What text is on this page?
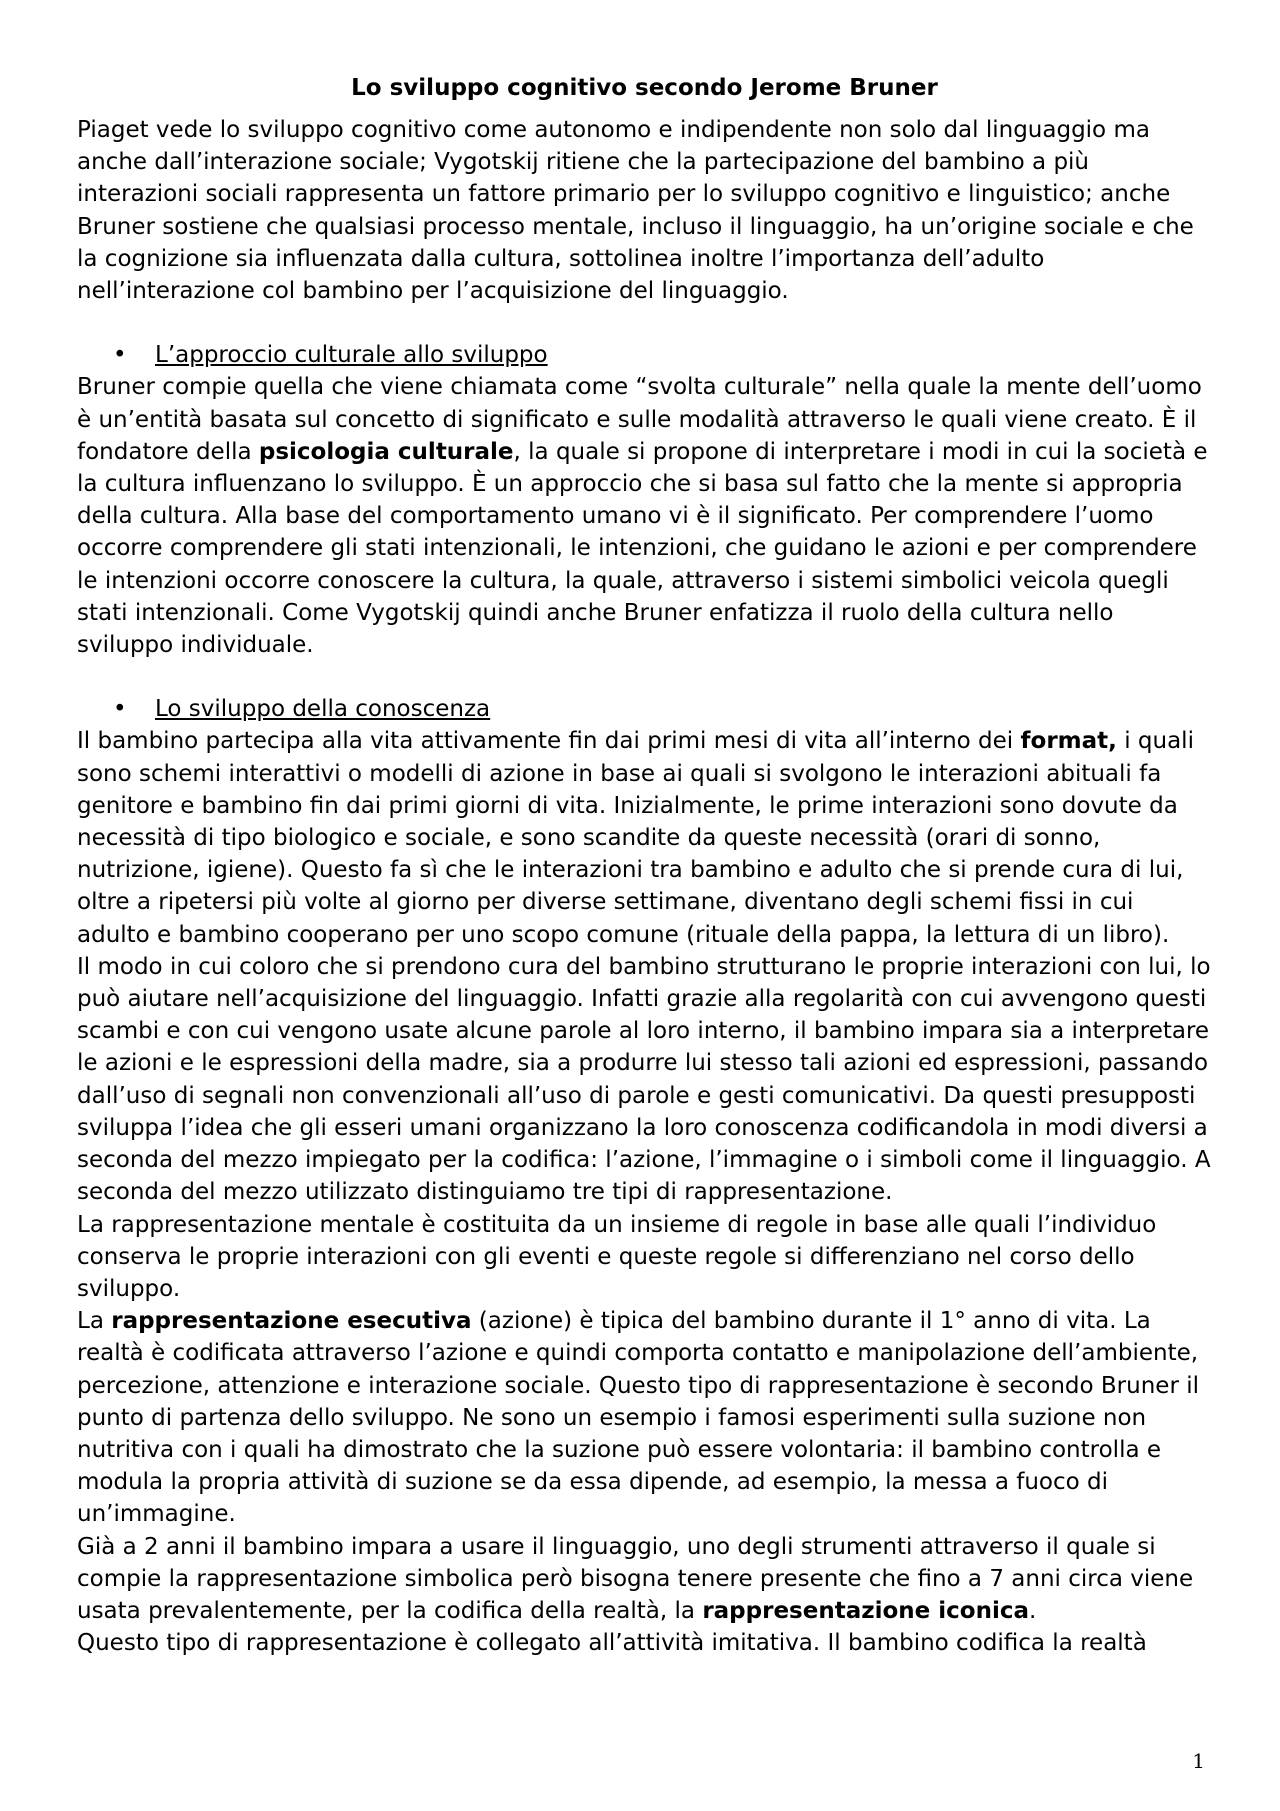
Lo sviluppo cognitivo secondo Jerome Bruner

Piaget vede lo sviluppo cognitivo come autonomo e indipendente non solo dal linguaggio ma anche dall’interazione sociale; Vygotskij ritiene che la partecipazione del bambino a più interazioni sociali rappresenta un fattore primario per lo sviluppo cognitivo e linguistico; anche Bruner sostiene che qualsiasi processo mentale, incluso il linguaggio, ha un’origine sociale e che la cognizione sia influenzata dalla cultura, sottolinea inoltre l’importanza dell’adulto nell’interazione col bambino per l’acquisizione del linguaggio.

• L’approccio culturale allo sviluppo

Bruner compie quella che viene chiamata come “svolta culturale” nella quale la mente dell’uomo è un’entità basata sul concetto di significato e sulle modalità attraverso le quali viene creato. È il fondatore della psicologia culturale, la quale si propone di interpretare i modi in cui la società e la cultura influenzano lo sviluppo. È un approccio che si basa sul fatto che la mente si appropria della cultura. Alla base del comportamento umano vi è il significato. Per comprendere l’uomo occorre comprendere gli stati intenzionali, le intenzioni, che guidano le azioni e per comprendere le intenzioni occorre conoscere la cultura, la quale, attraverso i sistemi simbolici veicola quegli stati intenzionali. Come Vygotskij quindi anche Bruner enfatizza il ruolo della cultura nello sviluppo individuale.

• Lo sviluppo della conoscenza

Il bambino partecipa alla vita attivamente fin dai primi mesi di vita all’interno dei format, i quali sono schemi interattivi o modelli di azione in base ai quali si svolgono le interazioni abituali fa genitore e bambino fin dai primi giorni di vita. Inizialmente, le prime interazioni sono dovute da necessità di tipo biologico e sociale, e sono scandite da queste necessità (orari di sonno, nutrizione, igiene). Questo fa sì che le interazioni tra bambino e adulto che si prende cura di lui, oltre a ripetersi più volte al giorno per diverse settimane, diventano degli schemi fissi in cui adulto e bambino cooperano per uno scopo comune (rituale della pappa, la lettura di un libro).

Il modo in cui coloro che si prendono cura del bambino strutturano le proprie interazioni con lui, lo può aiutare nell’acquisizione del linguaggio. Infatti grazie alla regolarità con cui avvengono questi scambi e con cui vengono usate alcune parole al loro interno, il bambino impara sia a interpretare le azioni e le espressioni della madre, sia a produrre lui stesso tali azioni ed espressioni, passando dall’uso di segnali non convenzionali all’uso di parole e gesti comunicativi. Da questi presupposti sviluppa l’idea che gli esseri umani organizzano la loro conoscenza codificandola in modi diversi a seconda del mezzo impiegato per la codifica: l’azione, l’immagine o i simboli come il linguaggio. A seconda del mezzo utilizzato distinguiamo tre tipi di rappresentazione.

La rappresentazione mentale è costituita da un insieme di regole in base alle quali l’individuo conserva le proprie interazioni con gli eventi e queste regole si differenziano nel corso dello sviluppo.

La rappresentazione esecutiva (azione) è tipica del bambino durante il 1° anno di vita. La realtà è codificata attraverso l’azione e quindi comporta contatto e manipolazione dell’ambiente, percezione, attenzione e interazione sociale. Questo tipo di rappresentazione è secondo Bruner il punto di partenza dello sviluppo. Ne sono un esempio i famosi esperimenti sulla suzione non nutritiva con i quali ha dimostrato che la suzione può essere volontaria: il bambino controlla e modula la propria attività di suzione se da essa dipende, ad esempio, la messa a fuoco di un’immagine.

Già a 2 anni il bambino impara a usare il linguaggio, uno degli strumenti attraverso il quale si compie la rappresentazione simbolica però bisogna tenere presente che fino a 7 anni circa viene usata prevalentemente, per la codifica della realtà, la rappresentazione iconica.

Questo tipo di rappresentazione è collegato all’attività imitativa. Il bambino codifica la realtà

1
